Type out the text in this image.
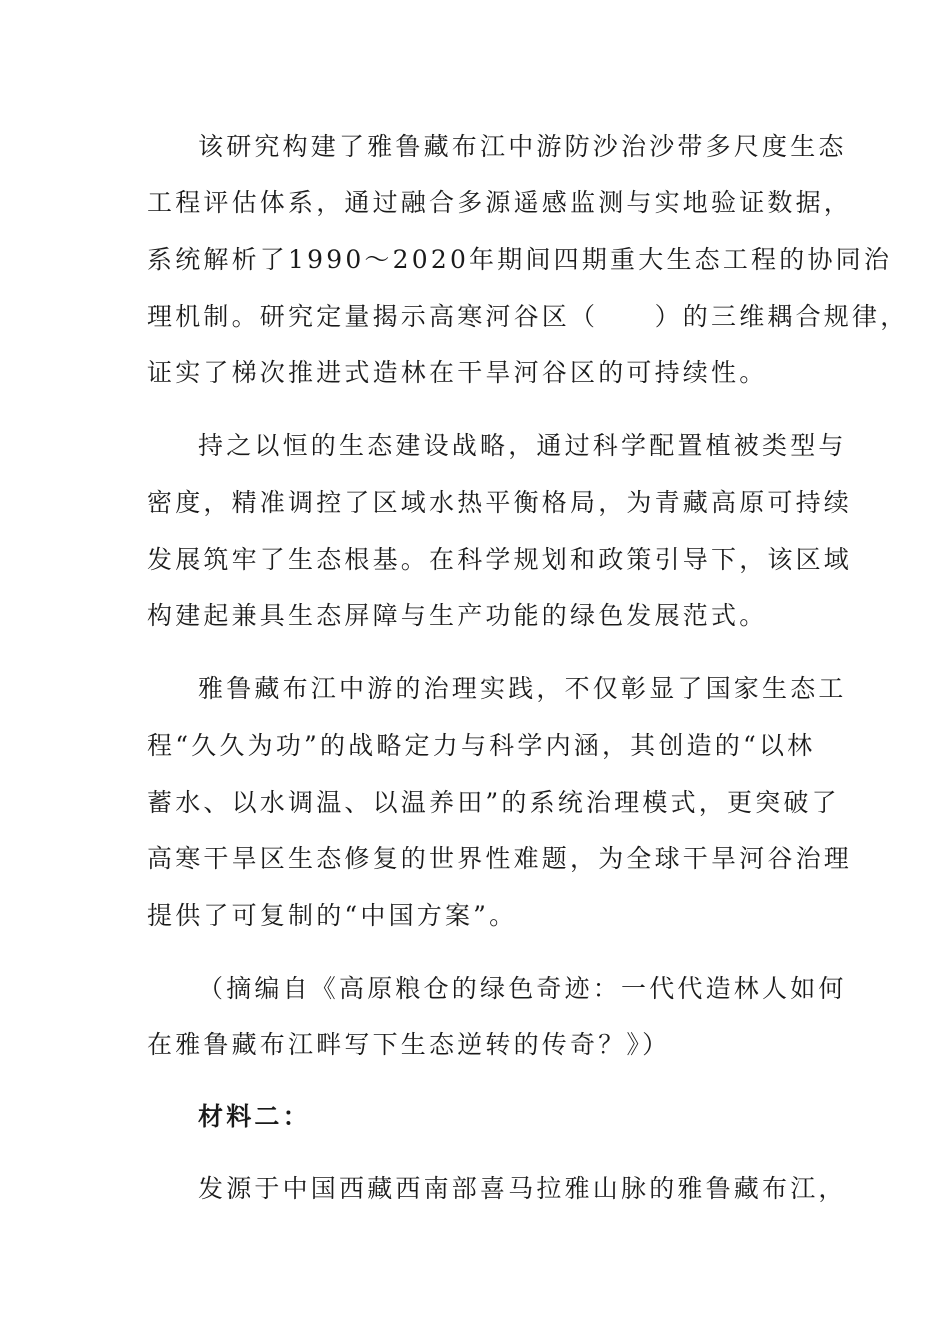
该研究构建了雅鲁藏布江中游防沙治沙带多尺度生态
工程评估体系，通过融合多源遥感监测与实地验证数据，
系统解析了1990～2020年期间四期重大生态工程的协同治
理机制。研究定量揭示高寒河谷区（　　）的三维耦合规律，
证实了梯次推进式造林在干旱河谷区的可持续性。
持之以恒的生态建设战略，通过科学配置植被类型与
密度，精准调控了区域水热平衡格局，为青藏高原可持续
发展筑牢了生态根基。在科学规划和政策引导下，该区域
构建起兼具生态屏障与生产功能的绿色发展范式。
雅鲁藏布江中游的治理实践，不仅彰显了国家生态工
程“久久为功”的战略定力与科学内涵，其创造的“以林
蓄水、以水调温、以温养田”的系统治理模式，更突破了
高寒干旱区生态修复的世界性难题，为全球干旱河谷治理
提供了可复制的“中国方案”。
（摘编自《高原粮仓的绿色奇迹：一代代造林人如何
在雅鲁藏布江畔写下生态逆转的传奇？》）
材料二：
发源于中国西藏西南部喜马拉雅山脉的雅鲁藏布江，
